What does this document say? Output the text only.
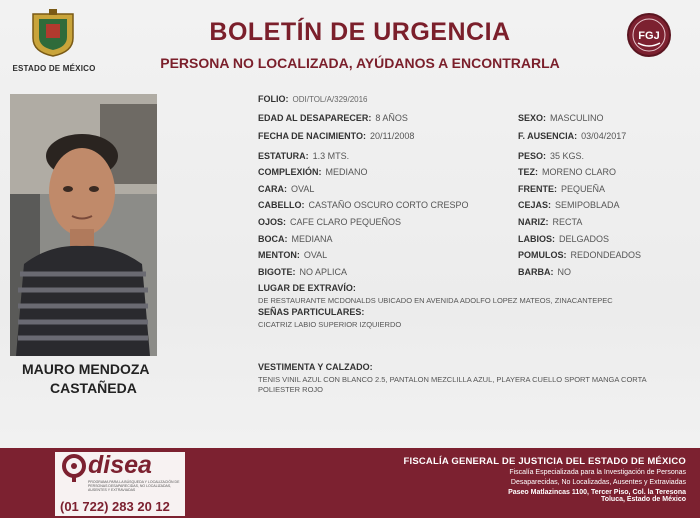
ESTADO DE MÉXICO
FGJ
BOLETÍN DE URGENCIA
PERSONA NO LOCALIZADA, AYÚDANOS A ENCONTRARLA
MAURO MENDOZA
CASTAÑEDA
FOLIO: ODI/TOL/A/329/2016
EDAD AL DESAPARECER: 8 AÑOS
FECHA DE NACIMIENTO: 20/11/2008
ESTATURA: 1.3 MTS.
COMPLEXIÓN: MEDIANO
CARA: OVAL
CABELLO: CASTAÑO OSCURO CORTO CRESPO
OJOS: CAFE CLARO PEQUEÑOS
BOCA: MEDIANA
MENTON: OVAL
BIGOTE: NO APLICA
SEXO: MASCULINO
F. AUSENCIA: 03/04/2017
PESO: 35 KGS.
TEZ: MORENO CLARO
FRENTE: PEQUEÑA
CEJAS: SEMIPOBLADA
NARIZ: RECTA
LABIOS: DELGADOS
POMULOS: REDONDEADOS
BARBA: NO
LUGAR DE EXTRAVÍO:
DE RESTAURANTE MCDONALDS UBICADO EN AVENIDA ADOLFO LOPEZ MATEOS, ZINACANTEPEC
SEÑAS PARTICULARES:
CICATRIZ LABIO SUPERIOR IZQUIERDO
VESTIMENTA Y CALZADO:
TENIS VINIL AZUL CON BLANCO 2.5, PANTALON MEZCLILLA AZUL, PLAYERA CUELLO SPORT MANGA CORTA POLIESTER ROJO
disea
PROGRAMA PARA LA BÚSQUEDA Y LOCALIZACIÓN DE PERSONAS DESAPARECIDAS, NO LOCALIZADAS, AUSENTES Y EXTRAVIADAS
(01 722) 283 20 12
FISCALÍA GENERAL DE JUSTICIA DEL ESTADO DE MÉXICO
Fiscalía Especializada para la Investigación de Personas
Desaparecidas, No Localizadas, Ausentes y Extraviadas
Paseo Matlazincas 1100, Tercer Piso, Col. la Teresona
Toluca, Estado de México
